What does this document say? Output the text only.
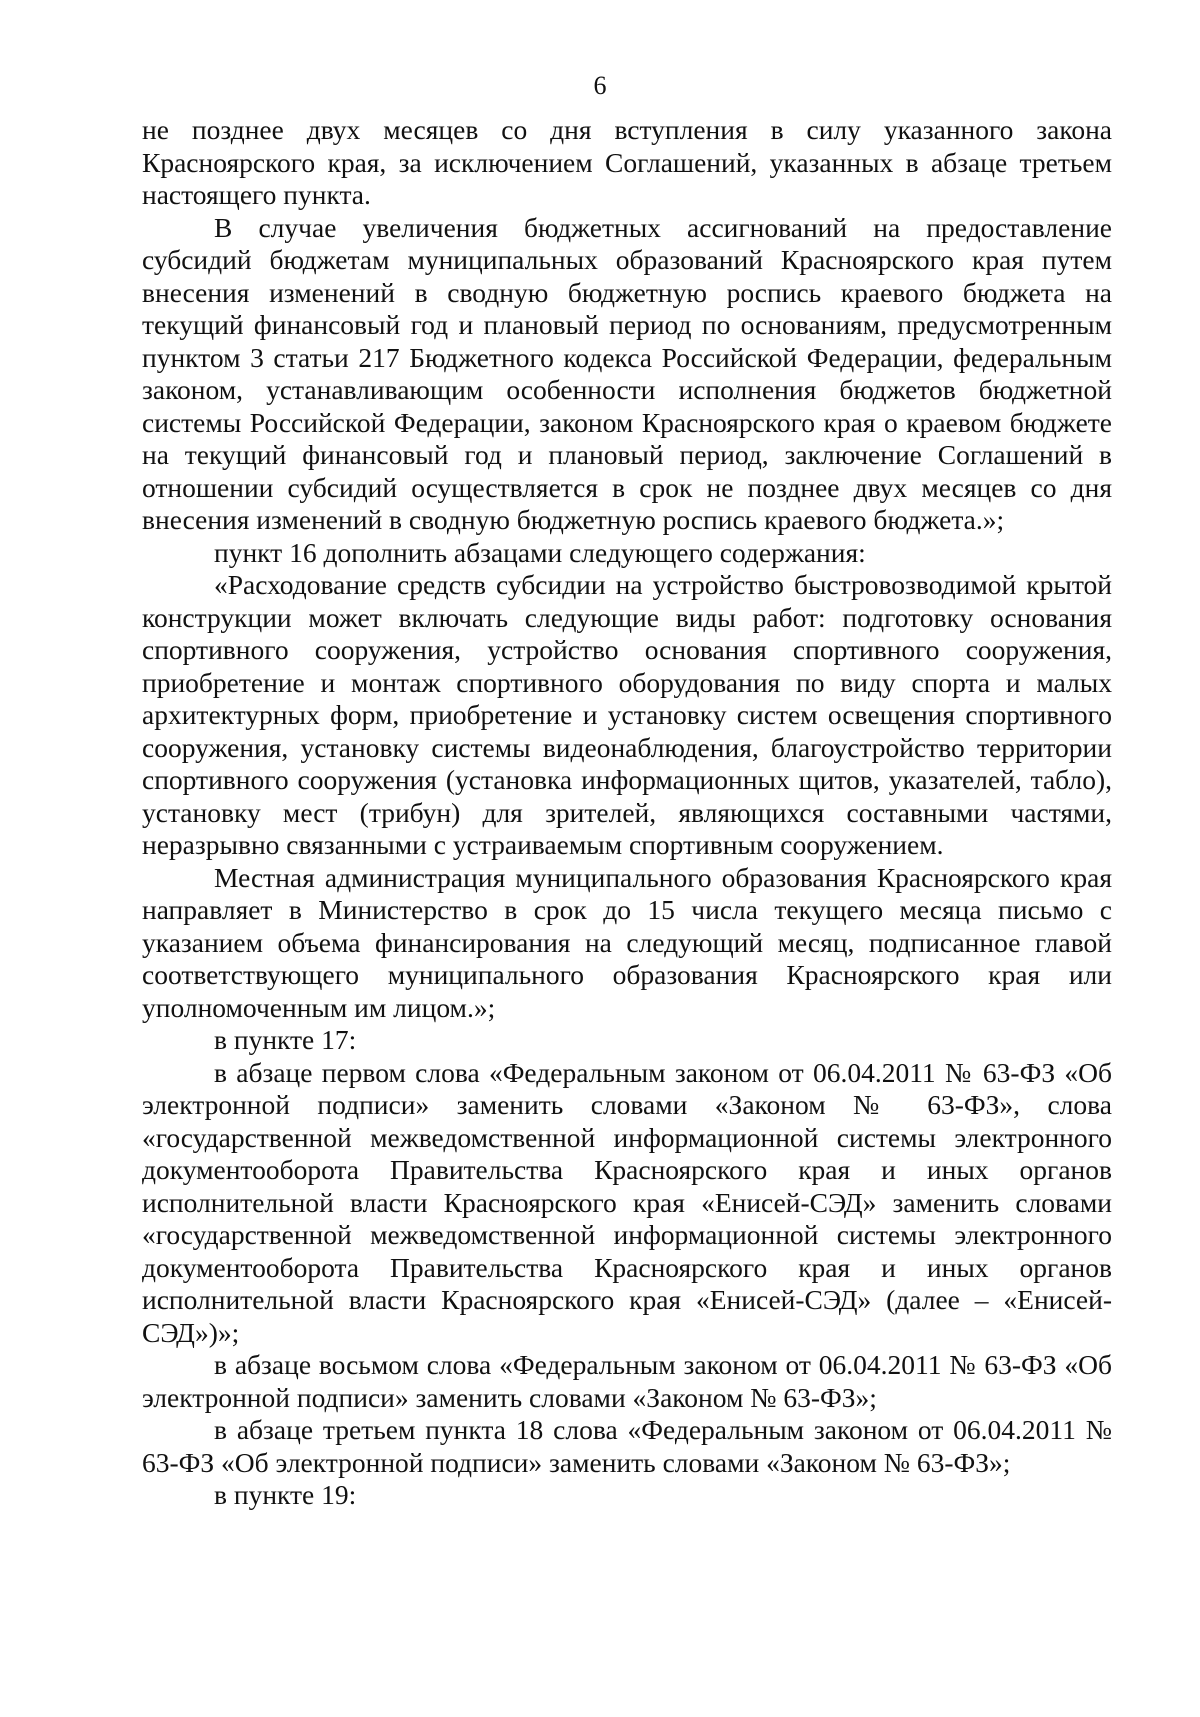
6

не позднее двух месяцев со дня вступления в силу указанного закона Красноярского края, за исключением Соглашений, указанных в абзаце третьем настоящего пункта.

В случае увеличения бюджетных ассигнований на предоставление субсидий бюджетам муниципальных образований Красноярского края путем внесения изменений в сводную бюджетную роспись краевого бюджета на текущий финансовый год и плановый период по основаниям, предусмотренным пунктом 3 статьи 217 Бюджетного кодекса Российской Федерации, федеральным законом, устанавливающим особенности исполнения бюджетов бюджетной системы Российской Федерации, законом Красноярского края о краевом бюджете на текущий финансовый год и плановый период, заключение Соглашений в отношении субсидий осуществляется в срок не позднее двух месяцев со дня внесения изменений в сводную бюджетную роспись краевого бюджета.»;

пункт 16 дополнить абзацами следующего содержания:

«Расходование средств субсидии на устройство быстровозводимой крытой конструкции может включать следующие виды работ: подготовку основания спортивного сооружения, устройство основания спортивного сооружения, приобретение и монтаж спортивного оборудования по виду спорта и малых архитектурных форм, приобретение и установку систем освещения спортивного сооружения, установку системы видеонаблюдения, благоустройство территории спортивного сооружения (установка информационных щитов, указателей, табло), установку мест (трибун) для зрителей, являющихся составными частями, неразрывно связанными с устраиваемым спортивным сооружением.

Местная администрация муниципального образования Красноярского края направляет в Министерство в срок до 15 числа текущего месяца письмо с указанием объема финансирования на следующий месяц, подписанное главой соответствующего муниципального образования Красноярского края или уполномоченным им лицом.»;

в пункте 17:

в абзаце первом слова «Федеральным законом от 06.04.2011 № 63-ФЗ «Об электронной подписи» заменить словами «Законом № 63-ФЗ», слова «государственной межведомственной информационной системы электронного документооборота Правительства Красноярского края и иных органов исполнительной власти Красноярского края «Енисей-СЭД» заменить словами «государственной межведомственной информационной системы электронного документооборота Правительства Красноярского края и иных органов исполнительной власти Красноярского края «Енисей-СЭД» (далее – «Енисей-СЭД»)»;

в абзаце восьмом слова «Федеральным законом от 06.04.2011 № 63-ФЗ «Об электронной подписи» заменить словами «Законом № 63-ФЗ»;

в абзаце третьем пункта 18 слова «Федеральным законом от 06.04.2011 № 63-ФЗ «Об электронной подписи» заменить словами «Законом № 63-ФЗ»;

в пункте 19:
